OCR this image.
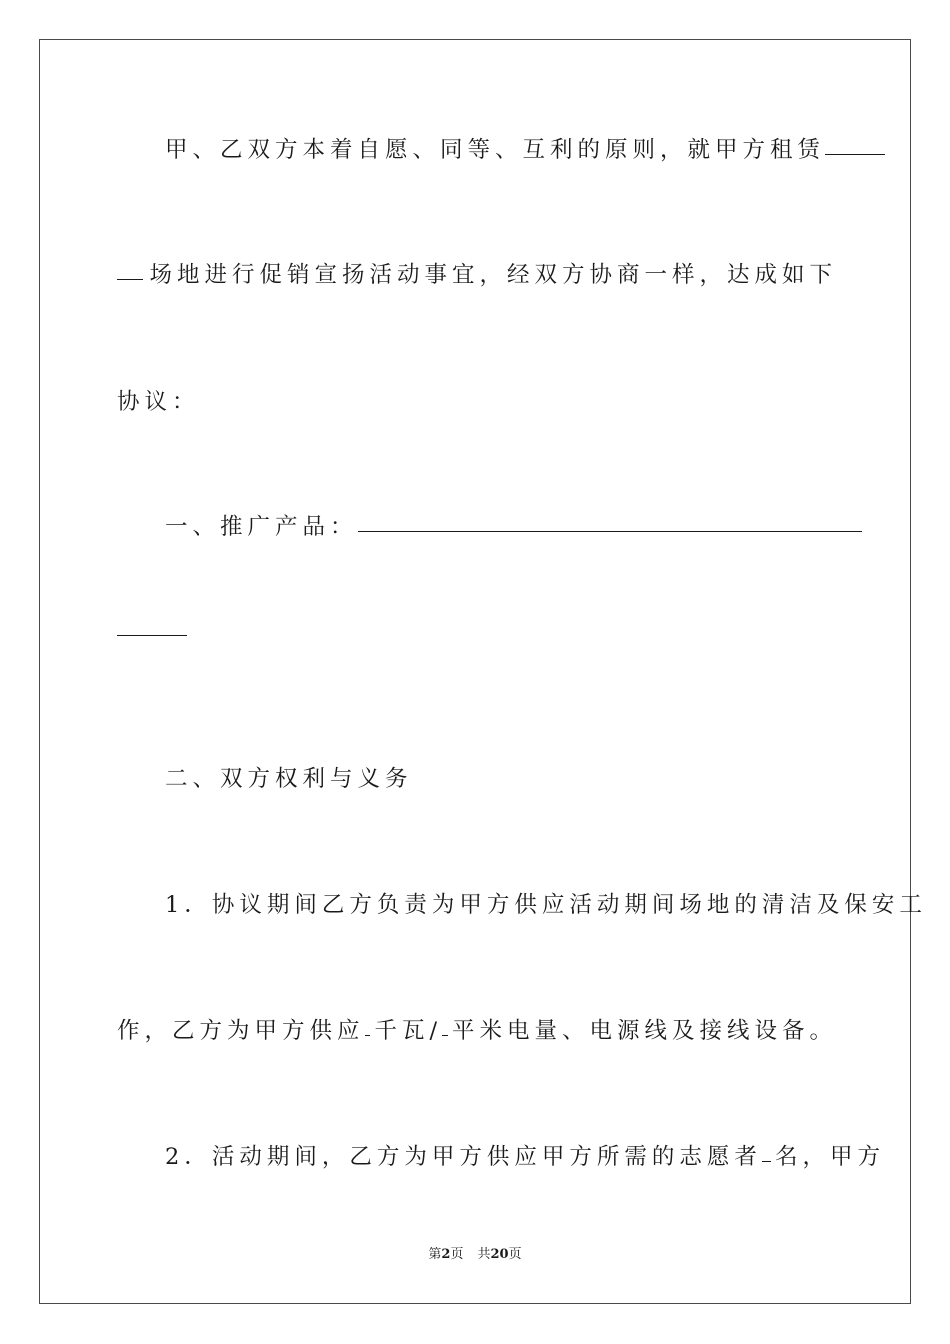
甲、乙双方本着自愿、同等、互利的原则，就甲方租赁
场地进行促销宣扬活动事宜，经双方协商一样，达成如下
协议：
一、推广产品：
二、双方权利与义务
1．协议期间乙方负责为甲方供应活动期间场地的清洁及保安工
作，乙方为甲方供应 千瓦/ 平米电量、电源线及接线设备。
2．活动期间，乙方为甲方供应甲方所需的志愿者 名，甲方
第2页 共20页
